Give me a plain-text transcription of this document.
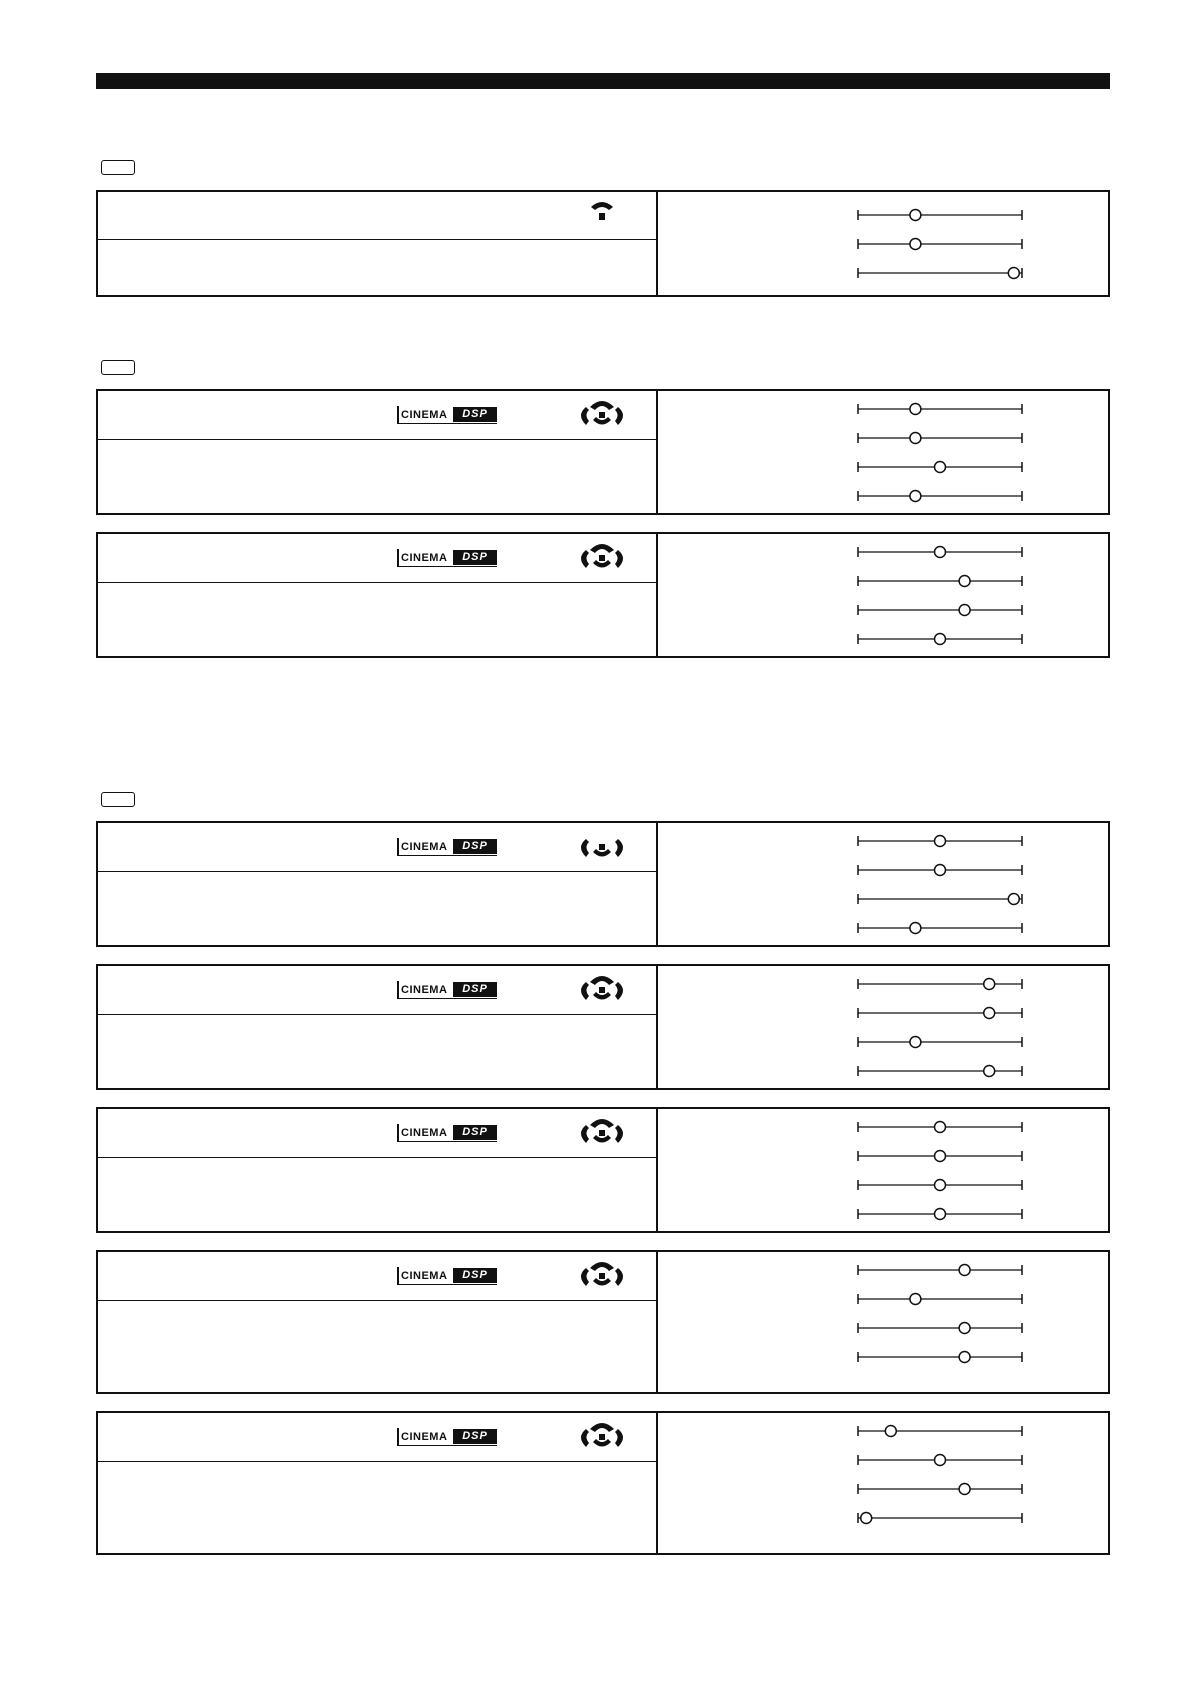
CINEMA	DSP
CINEMA	DSP
CINEMA	DSP
CINEMA	DSP
CINEMA	DSP
CINEMA	DSP
CINEMA	DSP
